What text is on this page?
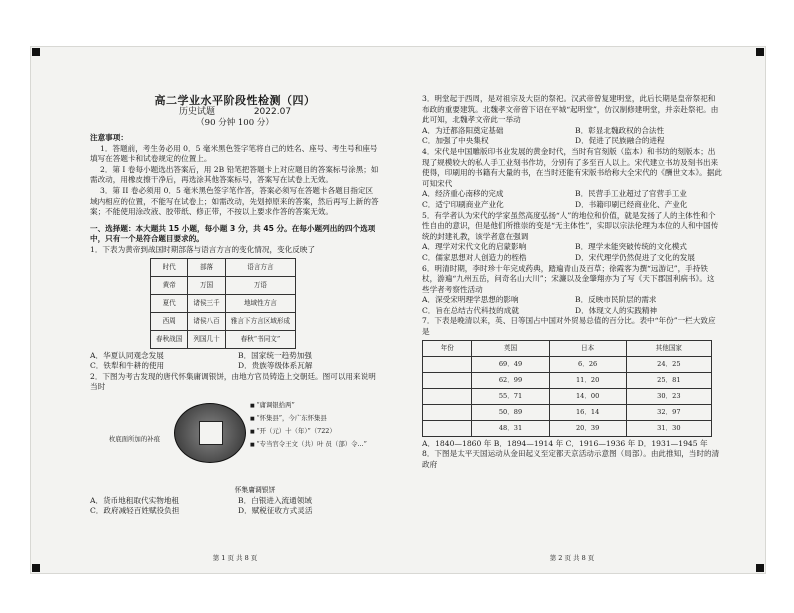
高二学业水平阶段性检测（四）
历史试题	2022.07
（90 分钟 100 分）
注意事项：

1．答题前，考生务必用 0．5 毫米黑色签字笔将自己的姓名、座号、考生号和座号填写在答题卡和试卷规定的位置上。

2．第 I 卷每小题选出答案后，用 2B 铅笔把答题卡上对应题目的答案标号涂黑；如需改动，用橡皮擦干净后，再选涂其他答案标号，答案写在试卷上无效。

3．第 II 卷必须用 0．5 毫米黑色签字笔作答，答案必须写在答题卡各题目指定区域内相应的位置，不能写在试卷上；如需改动，先划掉原来的答案，然后再写上新的答案；不能使用涂改液、胶带纸、修正带，不按以上要求作答的答案无效。

一、选择题：本大题共 15 小题，每小题 3 分，共 45 分。在每小题列出的四个选项中，只有一个是符合题目要求的。

1．下表为黄帝到战国时期部落与语言方言的变化情况，变化反映了

时代	部落	语言方言
黄帝	万国	万语
夏代	诸侯三千	地域性方言
西周	诸侯八百	雅言下方言区域形成
春秋战国	列国几十	春秋“书同文”
A．华夏认同观念发展	B．国家统一趋势加强
C．铁犁和牛耕的使用	D．贵族等级体系瓦解

2．下图为考古发现的唐代怀集庸调银饼，由地方官员铸造上交朝廷。图可以用来说明当时

枚底面所加的补痕
■ “庸调银拾两”
■ “怀集县”，今广东怀集县
■ “开（元）十（年）”（722）
■ “专当官令王文（共）叶 员（部）令...”
怀集庸调银饼
A．货币地租取代实物地租	B．白银进入流通领域
C．政府减轻百姓赋役负担	D．赋税征收方式灵活
第 1 页 共 8 页

3．明堂起于西周，是对祖宗及大臣的祭祀。汉武帝曾复建明堂，此后长期是皇帝祭祀和布政的重要建筑。北魏孝文帝曾下诏在平城“起明堂”，仿汉制修建明堂，并亲赴祭祀。由此可知，北魏孝文帝此一举动

A．为迁都洛阳奠定基础	B．彰显北魏政权的合法性
C．加强了中央集权	D．促进了民族融合的进程

4．宋代是中国雕版印书业发展的黄金时代，当时有官刻版（监本）和书坊的刻版本；出现了规模较大的私人手工业刻书作坊，分别有了多至百人以上。宋代建立书坊及刻书出来使得，印刷用的书籍有大量的书，在当时还能有宋版书给称大全宋代的《酬世文本》。据此可知宋代

A．经济重心南移的完成	B．民营手工业超过了官营手工业
C．适宁印刷商业产业化	D．书籍印刷已经商业化、产业化

5．有学者认为宋代的学家虽然高度弘扬“人”的地位和价值，就是发扬了人的主体性和个性自由的意识，但是他们所推崇的变是“无主体性”，实即以宗法伦理为本位的人和中国传统的封建礼教，该学者意在强调

A．理学对宋代文化的启蒙影响	B．理学未能突破传统的文化模式
C．儒家思想对人创造力的桎梏	D．宋代理学仍然促进了文化的发展

6．明清时期，李时珍十年完成药典，踏遍青山及百草；徐霞客为撰“远游记”，手持铁杖，游遍“九州五岳，问奇名山大川”；宋濂以及金肇翔亦为了写《天下郡国利病书》。这些学者考察性活动

A．深受宋明理学思想的影响	B．反映市民阶层的需求
C．旨在总结古代科技的成就	D．体现文人的实践精神

7．下表是晚清以来，英、日等国占中国对外贸易总值的百分比。表中“年份”一栏大致应是

年份	英国	日本	其他国家
	69．49	6．26	24．25
	62．99	11．20	25．81
	55．71	14．00	30．23
	50．89	16．14	32．97
	48．31	20．39	31．30

A．1840—1860 年 B．1894—1914 年 C．1916—1936 年 D．1931—1945 年

8．下图是太平天国运动从金田起义至定都天京活动示意图（局部）。由此推知，当时的清政府

第 2 页 共 8 页
